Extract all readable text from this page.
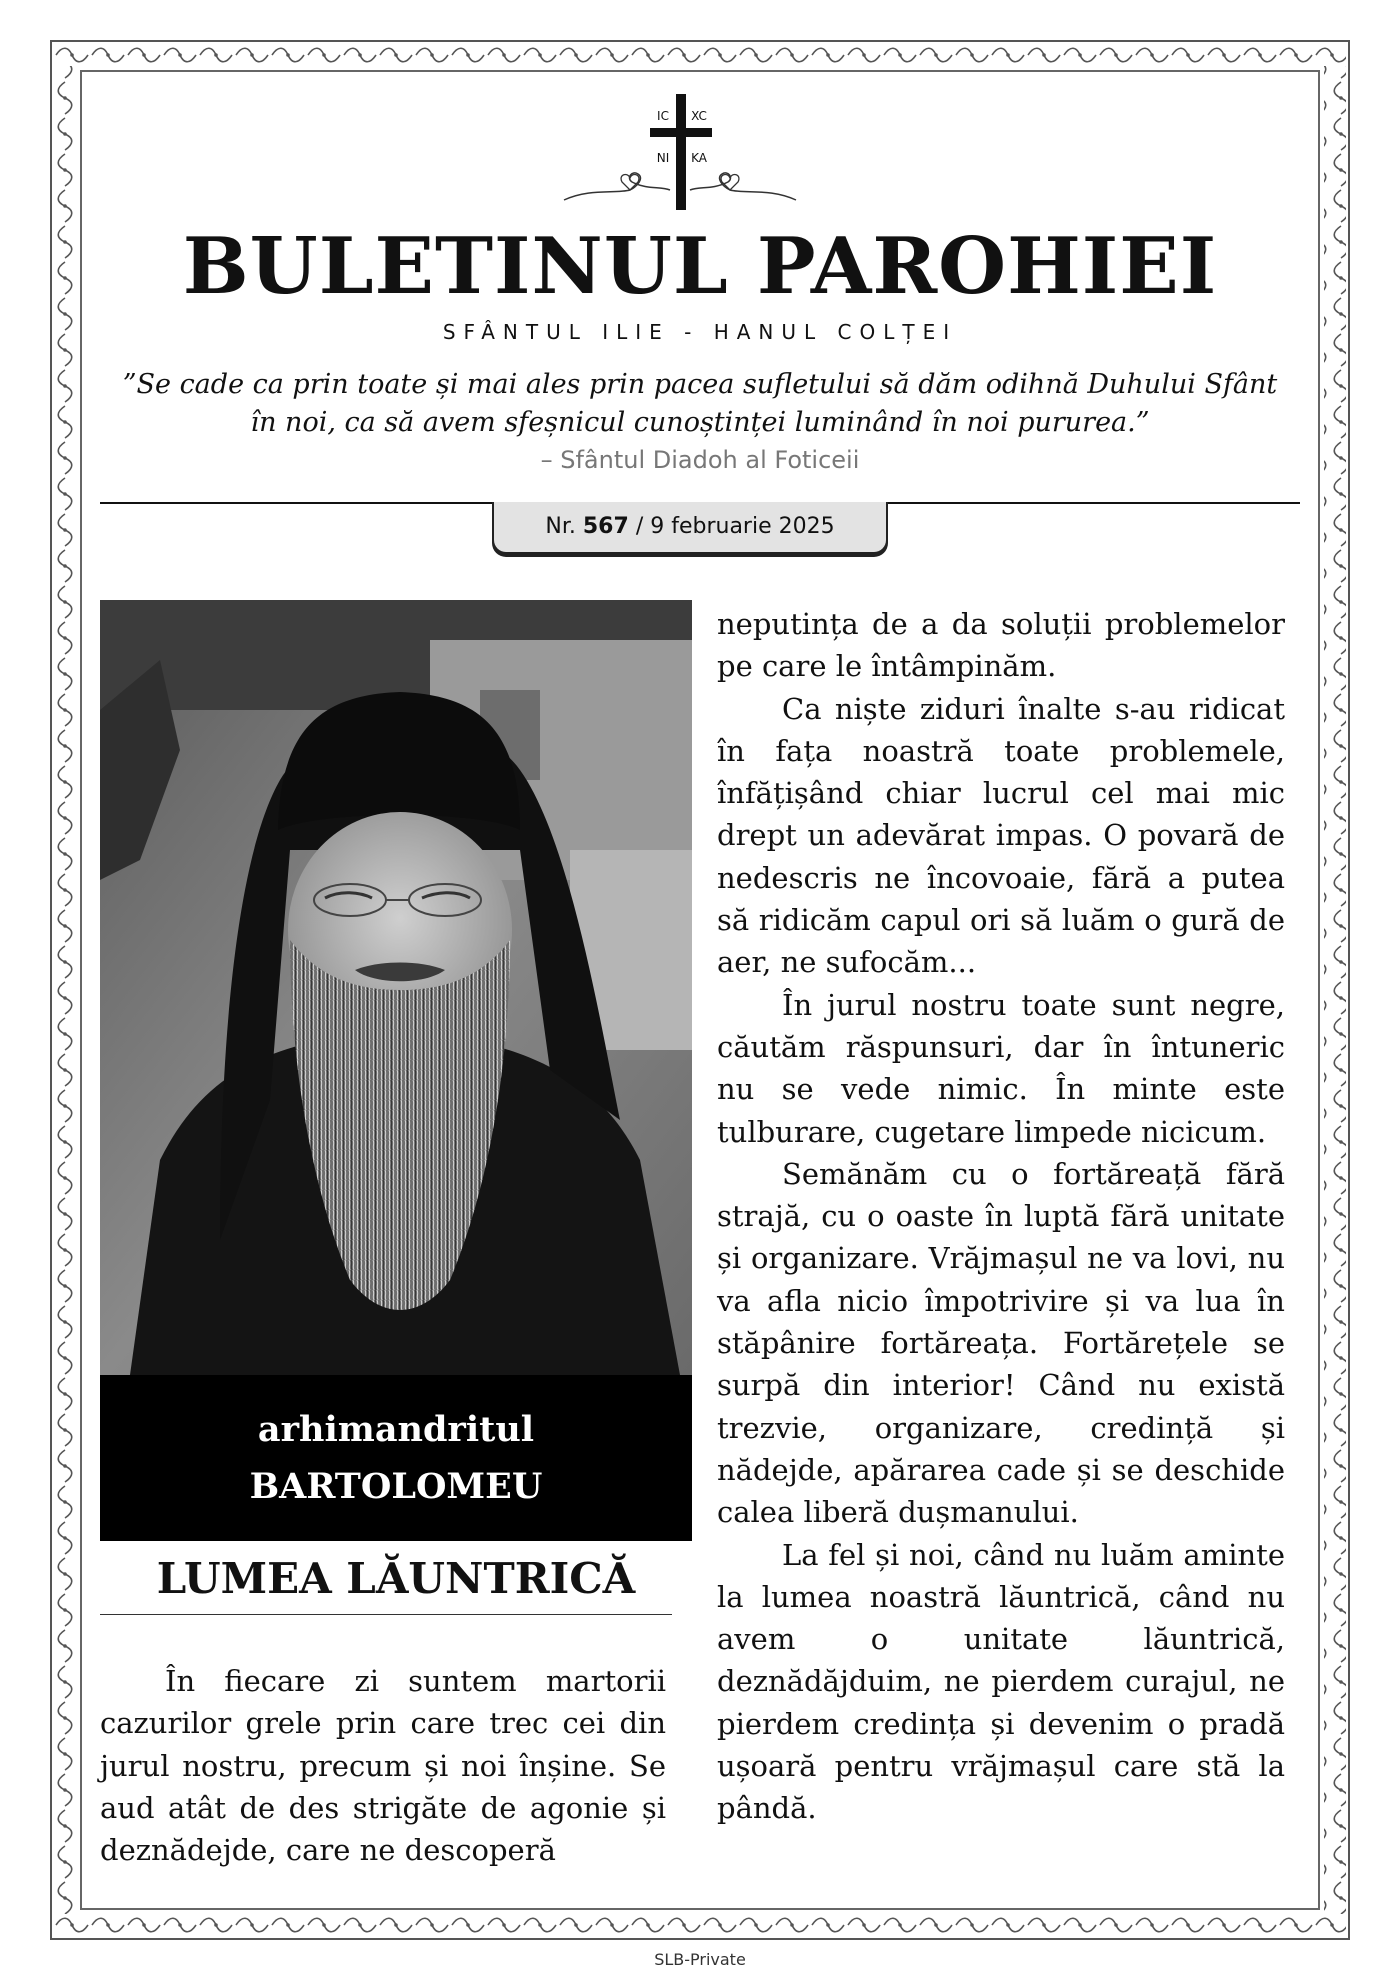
IC XC
NI KA
BULETINUL PAROHIEI
SFÂNTUL ILIE - HANUL COLȚEI
”Se cade ca prin toate și mai ales prin pacea sufletului să dăm odihnă Duhului Sfânt
în noi, ca să avem sfeșnicul cunoștinței luminând în noi pururea.”
– Sfântul Diadoh al Foticeii
Nr. 567 / 9 februarie 2025
arhimandritul
BARTOLOMEU
LUMEA LĂUNTRICĂ

În fiecare zi suntem martorii cazurilor grele prin care trec cei din jurul nostru, precum și noi înșine. Se aud atât de des strigăte de agonie și deznădejde, care ne descoperă

neputința de a da soluții problemelor pe care le întâmpinăm.

Ca niște ziduri înalte s-au ridicat în fața noastră toate problemele, înfățișând chiar lucrul cel mai mic drept un adevărat impas. O povară de nedescris ne încovoaie, fără a putea să ridicăm capul ori să luăm o gură de aer, ne sufocăm...

În jurul nostru toate sunt negre, căutăm răspunsuri, dar în întuneric nu se vede nimic. În minte este tulburare, cugetare limpede nicicum.

Semănăm cu o fortăreață fără strajă, cu o oaste în luptă fără unitate și organizare. Vrăjmașul ne va lovi, nu va afla nicio împotrivire și va lua în stăpânire fortăreața. Fortărețele se surpă din interior! Când nu există trezvie, organizare, credință și nădejde, apărarea cade și se deschide calea liberă dușmanului.

La fel și noi, când nu luăm aminte la lumea noastră lăuntrică, când nu avem o unitate lăuntrică, deznădăjduim, ne pierdem curajul, ne pierdem credința și devenim o pradă ușoară pentru vrăjmașul care stă la pândă.

SLB-Private
